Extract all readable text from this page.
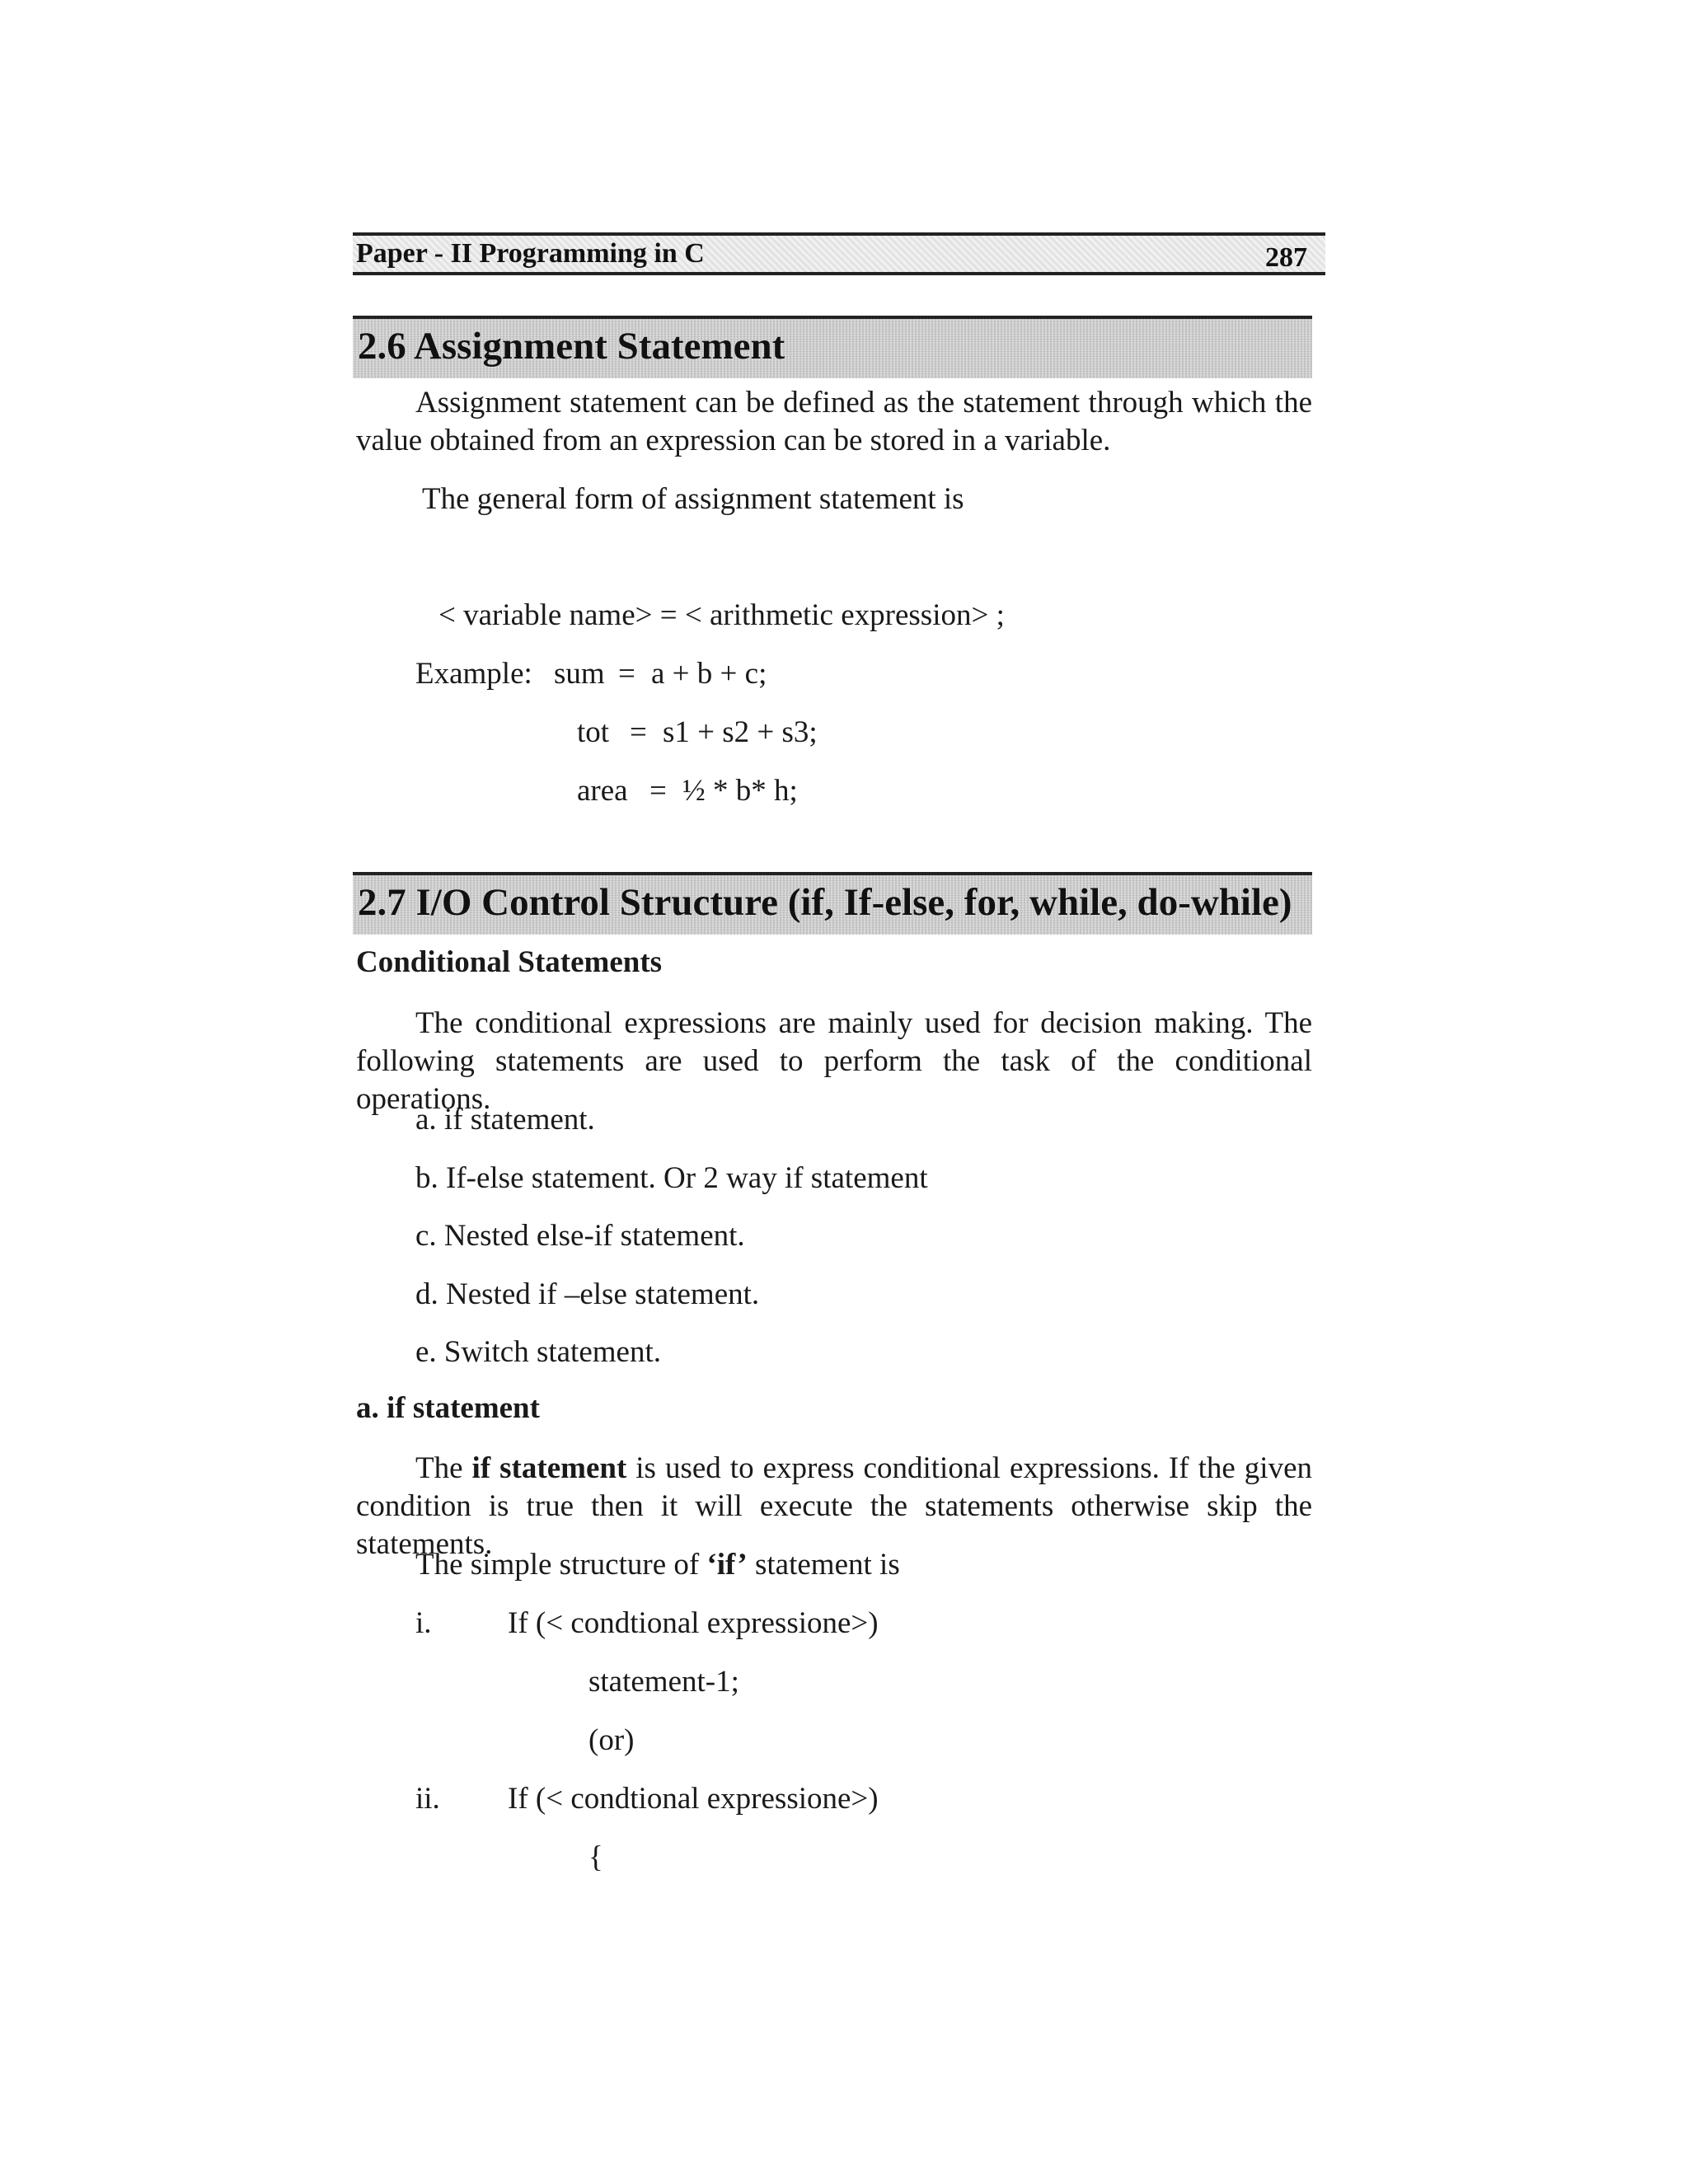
Paper - II Programming in C	287
2.6 Assignment Statement
Assignment statement can be defined as the statement through which the value obtained from an expression can be stored in a variable.
The general form of assignment statement is
< variable name> = < arithmetic expression> ;
Example: sum = a + b + c;
tot = s1 + s2 + s3;
area = ½ * b* h;
2.7 I/O Control Structure (if, If-else, for, while, do-while)
Conditional Statements
The conditional expressions are mainly used for decision making. The following statements are used to perform the task of the conditional operations.
a. if statement.
b. If-else statement. Or 2 way if statement
c. Nested else-if statement.
d. Nested if –else statement.
e. Switch statement.
a. if statement
The if statement is used to express conditional expressions. If the given condition is true then it will execute the statements otherwise skip the statements.
The simple structure of ‘if’ statement is
i. If (< condtional expressione>)
statement-1;
(or)
ii. If (< condtional expressione>)
{
